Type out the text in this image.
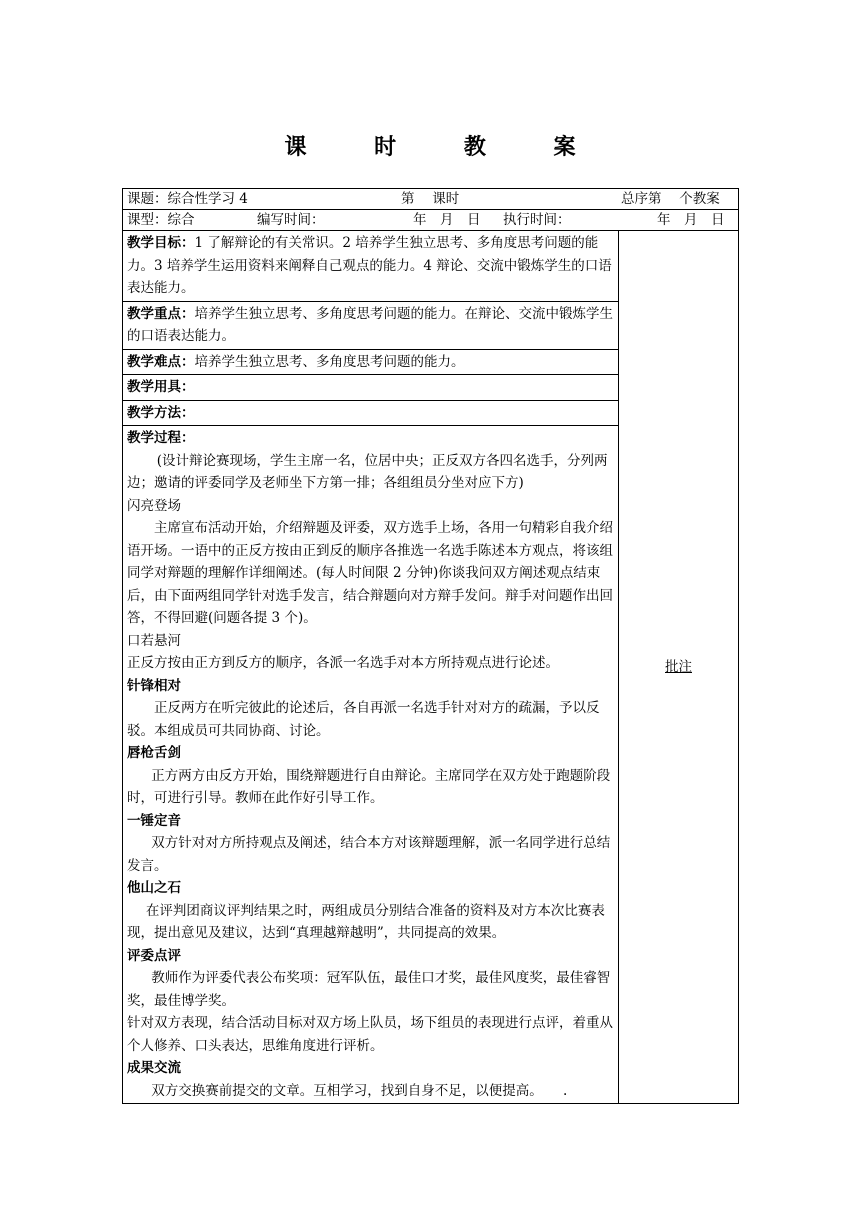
课 时 教 案
课题：综合性学习 4	第　 课时	总序第　 个教案

课型：综合	编写时间：	年　月　日 执行时间：	年　月　日

教学目标：1 了解辩论的有关常识。2 培养学生独立思考、多角度思考问题的能力。3 培养学生运用资料来阐释自己观点的能力。4 辩论、交流中锻炼学生的口语表达能力。

	批注

教学重点：培养学生独立思考、多角度思考问题的能力。在辩论、交流中锻炼学生的口语表达能力。

教学难点：培养学生独立思考、多角度思考问题的能力。

教学用具：
教学方法：

教学过程：

(设计辩论赛现场，学生主席一名，位居中央；正反双方各四名选手，分列两边；邀请的评委同学及老师坐下方第一排；各组组员分坐对应下方)

闪亮登场

主席宣布活动开始，介绍辩题及评委，双方选手上场，各用一句精彩自我介绍语开场。一语中的正反方按由正到反的顺序各推选一名选手陈述本方观点，将该组同学对辩题的理解作详细阐述。(每人时间限 2 分钟)你谈我问双方阐述观点结束后，由下面两组同学针对选手发言，结合辩题向对方辩手发问。辩手对问题作出回答，不得回避(问题各提 3 个)。

口若悬河

正反方按由正方到反方的顺序，各派一名选手对本方所持观点进行论述。

针锋相对

正反两方在听完彼此的论述后，各自再派一名选手针对对方的疏漏，予以反驳。本组成员可共同协商、讨论。

唇枪舌剑

正方两方由反方开始，围绕辩题进行自由辩论。主席同学在双方处于跑题阶段时，可进行引导。教师在此作好引导工作。

一锤定音

双方针对对方所持观点及阐述，结合本方对该辩题理解，派一名同学进行总结发言。

他山之石

在评判团商议评判结果之时，两组成员分别结合准备的资料及对方本次比赛表现，提出意见及建议，达到“真理越辩越明”，共同提高的效果。

评委点评

教师作为评委代表公布奖项：冠军队伍，最佳口才奖，最佳风度奖，最佳睿智奖，最佳博学奖。

针对双方表现，结合活动目标对双方场上队员，场下组员的表现进行点评，着重从个人修养、口头表达，思维角度进行评析。

成果交流

双方交换赛前提交的文章。互相学习，找到自身不足，以便提高。　　.
